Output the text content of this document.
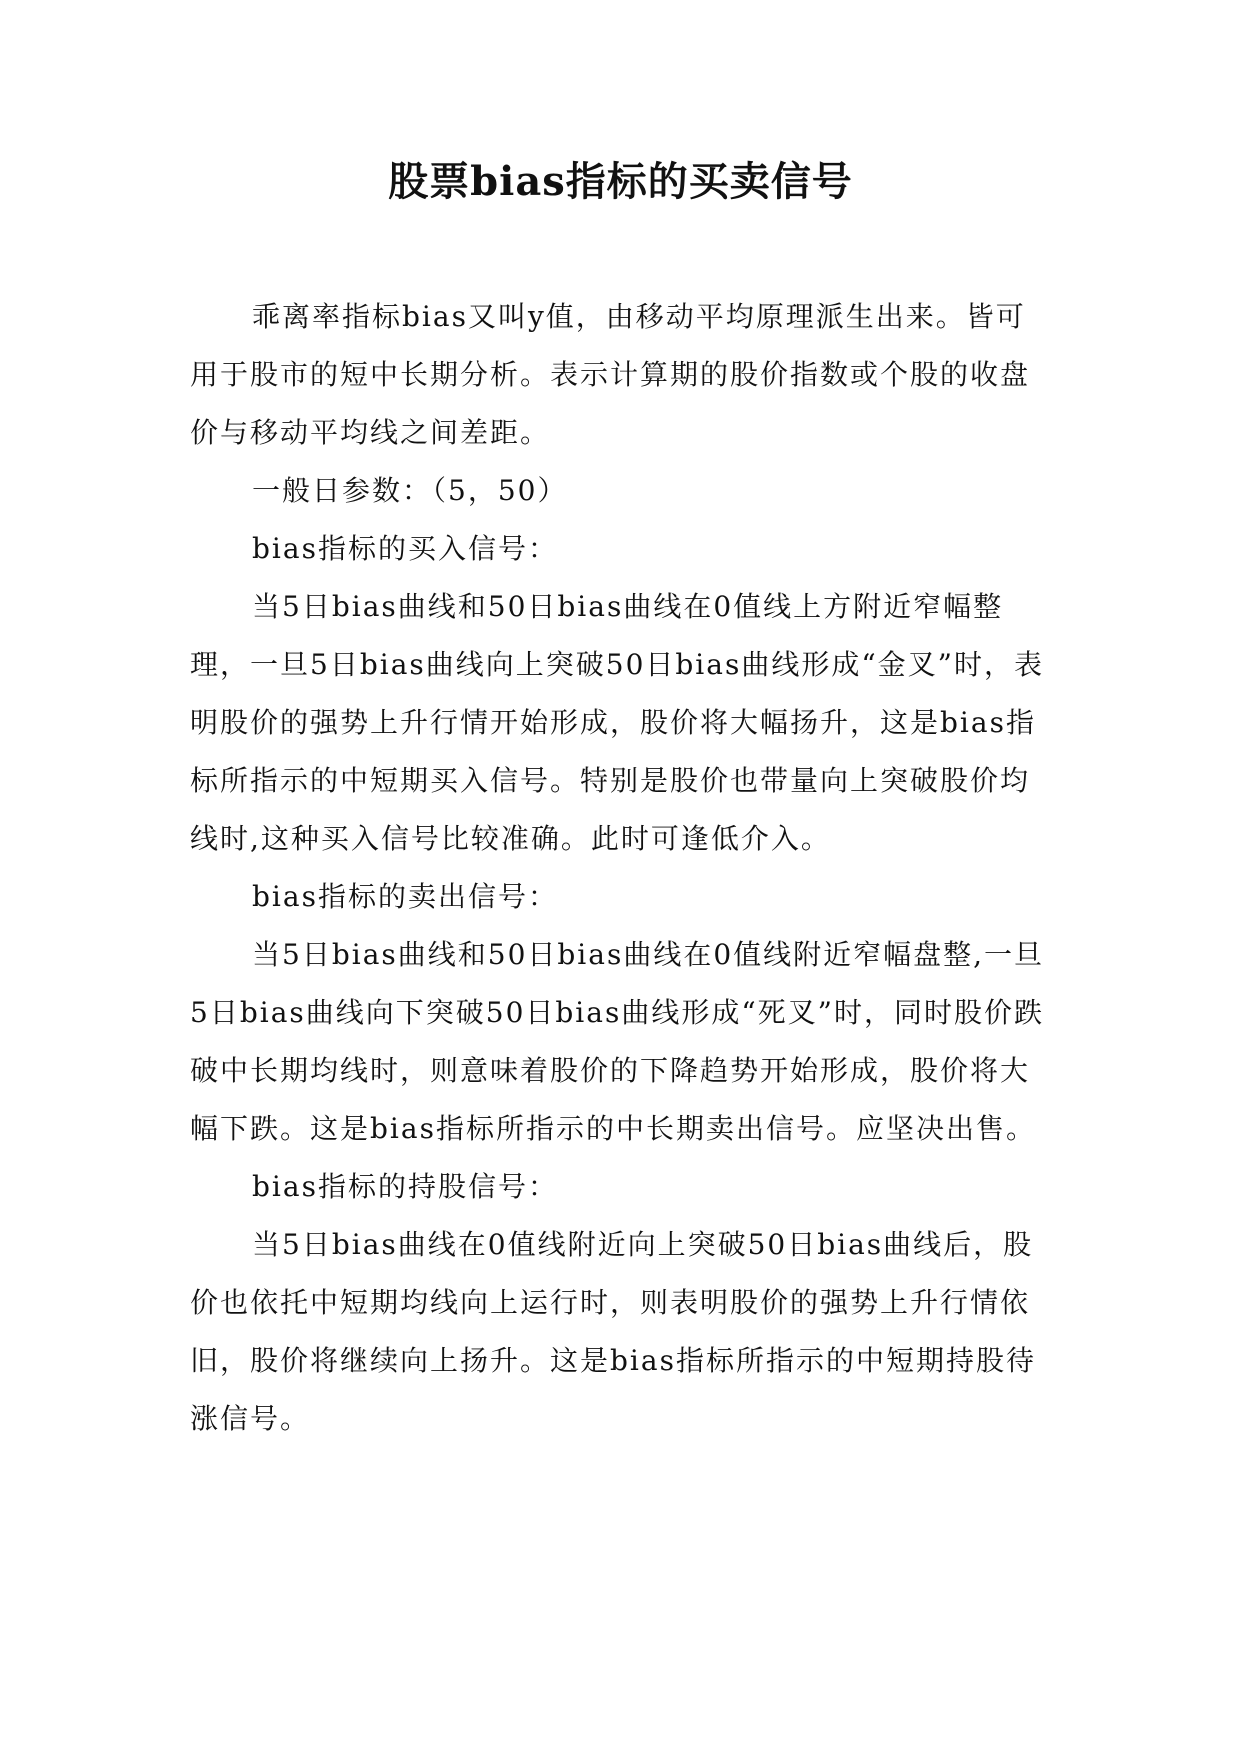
股票bias指标的买卖信号

乖离率指标bias又叫y值，由移动平均原理派生出来。皆可用于股市的短中长期分析。表示计算期的股价指数或个股的收盘价与移动平均线之间差距。

一般日参数：（5，50）

bias指标的买入信号：

当5日bias曲线和50日bias曲线在0值线上方附近窄幅整理，一旦5日bias曲线向上突破50日bias曲线形成“金叉”时，表明股价的强势上升行情开始形成，股价将大幅扬升，这是bias指标所指示的中短期买入信号。特别是股价也带量向上突破股价均线时,这种买入信号比较准确。此时可逢低介入。

bias指标的卖出信号：

当5日bias曲线和50日bias曲线在0值线附近窄幅盘整,一旦5日bias曲线向下突破50日bias曲线形成“死叉”时，同时股价跌破中长期均线时，则意味着股价的下降趋势开始形成，股价将大幅下跌。这是bias指标所指示的中长期卖出信号。应坚决出售。

bias指标的持股信号：

当5日bias曲线在0值线附近向上突破50日bias曲线后，股价也依托中短期均线向上运行时，则表明股价的强势上升行情依旧，股价将继续向上扬升。这是bias指标所指示的中短期持股待涨信号。
